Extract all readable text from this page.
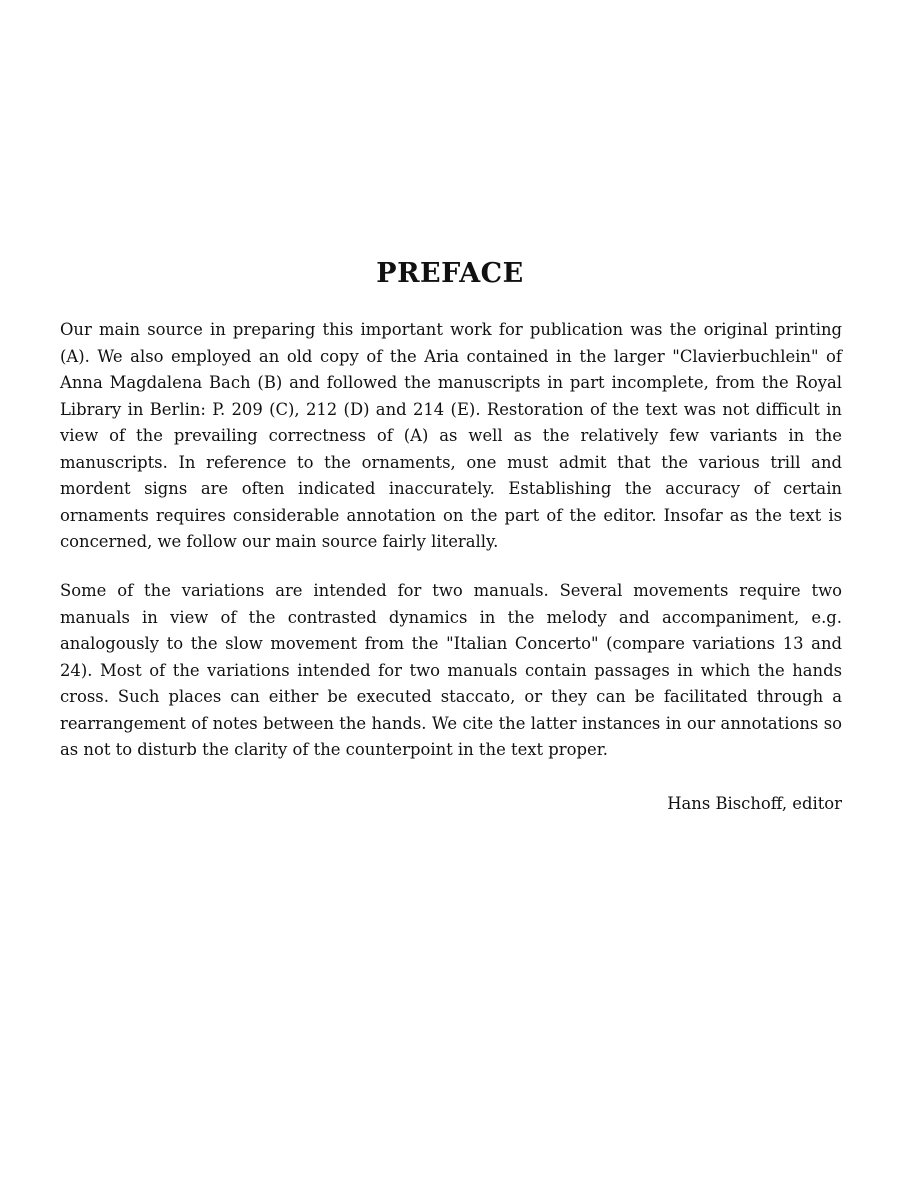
PREFACE

Our main source in preparing this important work for publication was the original printing (A). We also employed an old copy of the Aria contained in the larger "Clavierbuchlein" of Anna Magdalena Bach (B) and followed the manuscripts in part incomplete, from the Royal Library in Berlin: P. 209 (C), 212 (D) and 214 (E). Restoration of the text was not difficult in view of the prevailing correctness of (A) as well as the relatively few variants in the manuscripts. In reference to the ornaments, one must admit that the various trill and mordent signs are often indicated inaccurately. Establishing the accuracy of certain ornaments requires considerable annotation on the part of the editor. Insofar as the text is concerned, we follow our main source fairly literally.

Some of the variations are intended for two manuals. Several movements require two manuals in view of the contrasted dynamics in the melody and accompaniment, e.g. analogously to the slow movement from the "Italian Concerto" (compare variations 13 and 24). Most of the variations intended for two manuals contain passages in which the hands cross. Such places can either be executed staccato, or they can be facilitated through a rearrangement of notes between the hands. We cite the latter instances in our annotations so as not to disturb the clarity of the counterpoint in the text proper.

Hans Bischoff, editor
